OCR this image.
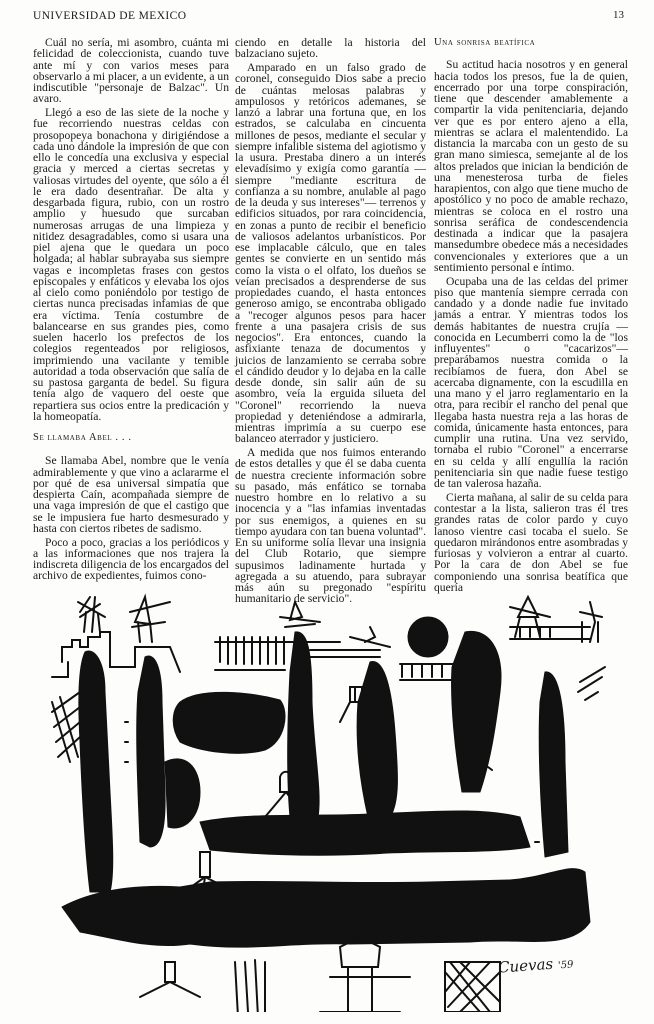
UNIVERSIDAD DE MEXICO	13

Cuál no sería, mi asombro, cuánta mi felicidad de coleccionista, cuando tuve ante mí y con varios meses para observarlo a mi placer, a un evidente, a un indiscutible "personaje de Balzac". Un avaro.

Llegó a eso de las siete de la noche y fue recorriendo nuestras celdas con prosopopeya bonachona y dirigiéndose a cada uno dándole la impresión de que con ello le concedía una exclusiva y especial gracia y merced a ciertas secretas y valiosas virtudes del oyente, que sólo a él le era dado desentrañar. De alta y desgarbada figura, rubio, con un rostro amplio y huesudo que surcaban numerosas arrugas de una limpieza y nitidez desagradables, como si usara una piel ajena que le quedara un poco holgada; al hablar subrayaba sus siempre vagas e incompletas frases con gestos episcopales y enfáticos y elevaba los ojos al cielo como poniéndolo por testigo de ciertas nunca precisadas infamias de que era víctima. Tenía costumbre de balancearse en sus grandes pies, como suelen hacerlo los prefectos de los colegios regenteados por religiosos, imprimiendo una vacilante y temible autoridad a toda observación que salía de su pastosa garganta de bedel. Su figura tenía algo de vaquero del oeste que repartiera sus ocios entre la predicación y la homeopatía.

Se llamaba Abel . . .

Se llamaba Abel, nombre que le venía admirablemente y que vino a aclararme el por qué de esa universal simpatía que despierta Caín, acompañada siempre de una vaga impresión de que el castigo que se le impusiera fue harto desmesurado y hasta con ciertos ribetes de sadismo.

Poco a poco, gracias a los periódicos y a las informaciones que nos trajera la indiscreta diligencia de los encargados del archivo de expedientes, fuimos cono-

ciendo en detalle la historia del balzaciano sujeto.

Amparado en un falso grado de coronel, conseguido Dios sabe a precio de cuántas melosas palabras y ampulosos y retóricos ademanes, se lanzó a labrar una fortuna que, en los estrados, se calculaba en cincuenta millones de pesos, mediante el secular y siempre infalible sistema del agiotismo y la usura. Prestaba dinero a un interés elevadísimo y exigía como garantía —siempre "mediante escritura de confianza a su nombre, anulable al pago de la deuda y sus intereses"— terrenos y edificios situados, por rara coincidencia, en zonas a punto de recibir el beneficio de valiosos adelantos urbanísticos. Por ese implacable cálculo, que en tales gentes se convierte en un sentido más como la vista o el olfato, los dueños se veían precisados a desprenderse de sus propiedades cuando, el hasta entonces generoso amigo, se encontraba obligado a "recoger algunos pesos para hacer frente a una pasajera crisis de sus negocios". Era entonces, cuando la asfixiante tenaza de documentos y juicios de lanzamiento se cerraba sobre el cándido deudor y lo dejaba en la calle desde donde, sin salir aún de su asombro, veía la erguida silueta del "Coronel" recorriendo la nueva propiedad y deteniéndose a admirarla, mientras imprimía a su cuerpo ese balanceo aterrador y justiciero.

A medida que nos fuimos enterando de estos detalles y que él se daba cuenta de nuestra creciente información sobre su pasado, más enfático se tornaba nuestro hombre en lo relativo a su inocencia y a "las infamias inventadas por sus enemigos, a quienes en su tiempo ayudara con tan buena voluntad". En su uniforme solía llevar una insignia del Club Rotario, que siempre supusimos ladinamente hurtada y agregada a su atuendo, para subrayar más aún su pregonado "espíritu humanitario de servicio".

Una sonrisa beatífica

Su actitud hacia nosotros y en general hacia todos los presos, fue la de quien, encerrado por una torpe conspiración, tiene que descender amablemente a compartir la vida penitenciaria, dejando ver que es por entero ajeno a ella, mientras se aclara el malentendido. La distancia la marcaba con un gesto de su gran mano simiesca, semejante al de los altos prelados que inician la bendición de una menesterosa turba de fieles harapientos, con algo que tiene mucho de apostólico y no poco de amable rechazo, mientras se coloca en el rostro una sonrisa seráfica de condescendencia destinada a indicar que la pasajera mansedumbre obedece más a necesidades convencionales y exteriores que a un sentimiento personal e íntimo.

Ocupaba una de las celdas del primer piso que mantenía siempre cerrada con candado y a donde nadie fue invitado jamás a entrar. Y mientras todos los demás habitantes de nuestra crujía —conocida en Lecumberri como la de "los influyentes" o "cacarizos"— preparábamos nuestra comida o la recibíamos de fuera, don Abel se acercaba dignamente, con la escudilla en una mano y el jarro reglamentario en la otra, para recibir el rancho del penal que llegaba hasta nuestra reja a las horas de comida, únicamente hasta entonces, para cumplir una rutina. Una vez servido, tornaba el rubio "Coronel" a encerrarse en su celda y allí engullía la ración penitenciaria sin que nadie fuese testigo de tan valerosa hazaña.

Cierta mañana, al salir de su celda para contestar a la lista, salieron tras él tres grandes ratas de color pardo y cuyo lanoso vientre casi tocaba el suelo. Se quedaron mirándonos entre asombradas y furiosas y volvieron a entrar al cuarto. Por la cara de don Abel se fue componiendo una sonrisa beatífica que quería

Cuevas '59
